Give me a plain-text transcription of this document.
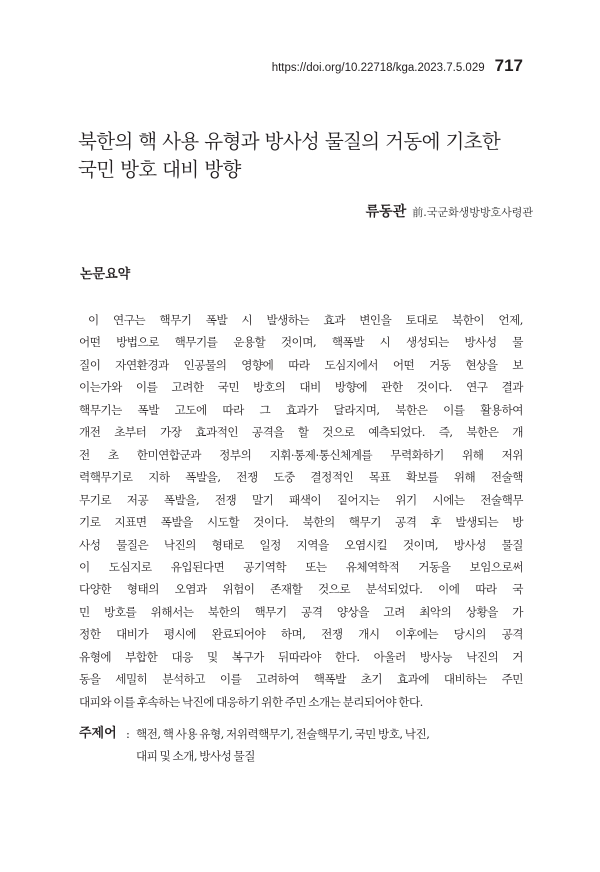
https://doi.org/10.22718/kga.2023.7.5.029 717
북한의 핵 사용 유형과 방사성 물질의 거동에 기초한
국민 방호 대비 방향
류동관 前.국군화생방방호사령관
논문요약
이 연구는 핵무기 폭발 시 발생하는 효과 변인을 토대로 북한이 언제,
어떤 방법으로 핵무기를 운용할 것이며, 핵폭발 시 생성되는 방사성 물
질이 자연환경과 인공물의 영향에 따라 도심지에서 어떤 거동 현상을 보
이는가와 이를 고려한 국민 방호의 대비 방향에 관한 것이다. 연구 결과
핵무기는 폭발 고도에 따라 그 효과가 달라지며, 북한은 이를 활용하여
개전 초부터 가장 효과적인 공격을 할 것으로 예측되었다. 즉, 북한은 개
전 초 한미연합군과 정부의 지휘·통제·통신체계를 무력화하기 위해 저위
력핵무기로 지하 폭발을, 전쟁 도중 결정적인 목표 확보를 위해 전술핵
무기로 저공 폭발을, 전쟁 말기 패색이 짙어지는 위기 시에는 전술핵무
기로 지표면 폭발을 시도할 것이다. 북한의 핵무기 공격 후 발생되는 방
사성 물질은 낙진의 형태로 일정 지역을 오염시킬 것이며, 방사성 물질
이 도심지로 유입된다면 공기역학 또는 유체역학적 거동을 보임으로써
다양한 형태의 오염과 위험이 존재할 것으로 분석되었다. 이에 따라 국
민 방호를 위해서는 북한의 핵무기 공격 양상을 고려 최악의 상황을 가
정한 대비가 평시에 완료되어야 하며, 전쟁 개시 이후에는 당시의 공격
유형에 부합한 대응 및 복구가 뒤따라야 한다. 아울러 방사능 낙진의 거
동을 세밀히 분석하고 이를 고려하여 핵폭발 초기 효과에 대비하는 주민
대피와 이를 후속하는 낙진에 대응하기 위한 주민 소개는 분리되어야 한다.
주제어 : 핵전, 핵 사용 유형, 저위력핵무기, 전술핵무기, 국민 방호, 낙진,
대피 및 소개, 방사성 물질
